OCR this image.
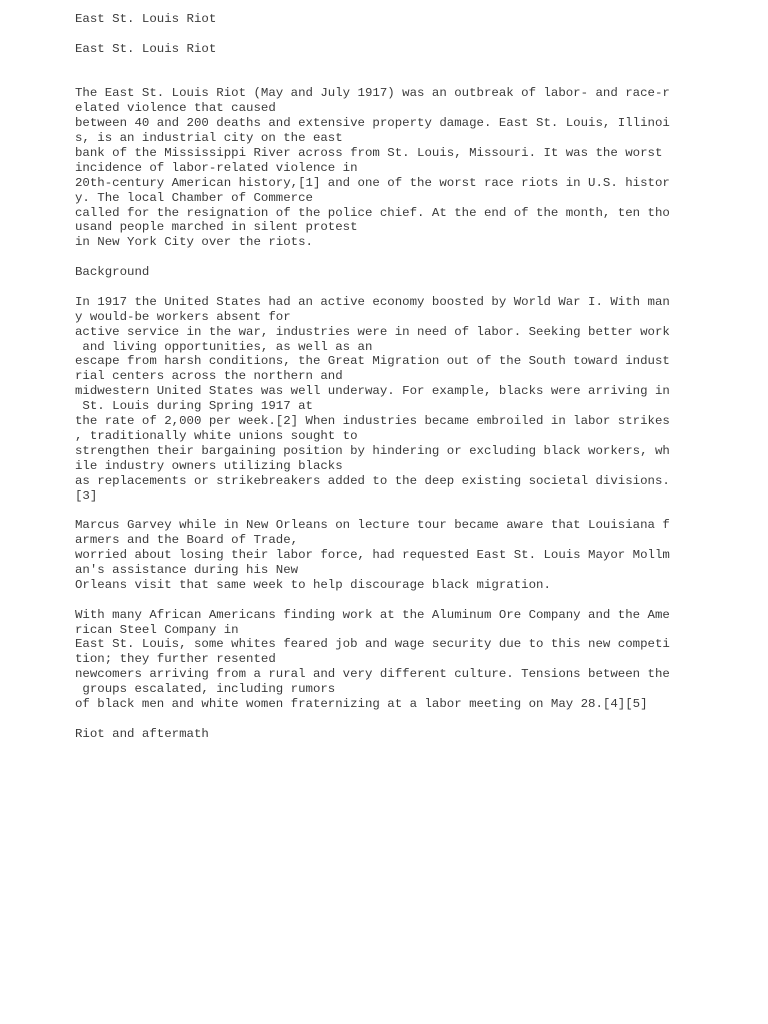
East St. Louis Riot
East St. Louis Riot
The East St. Louis Riot (May and July 1917) was an outbreak of labor- and race-r
elated violence that caused
between 40 and 200 deaths and extensive property damage. East St. Louis, Illinoi
s, is an industrial city on the east
bank of the Mississippi River across from St. Louis, Missouri. It was the worst
incidence of labor-related violence in
20th-century American history,[1] and one of the worst race riots in U.S. histor
y. The local Chamber of Commerce
called for the resignation of the police chief. At the end of the month, ten tho
usand people marched in silent protest
in New York City over the riots.
Background
In 1917 the United States had an active economy boosted by World War I. With man
y would-be workers absent for
active service in the war, industries were in need of labor. Seeking better work
and living opportunities, as well as an
escape from harsh conditions, the Great Migration out of the South toward indust
rial centers across the northern and
midwestern United States was well underway. For example, blacks were arriving in
St. Louis during Spring 1917 at
the rate of 2,000 per week.[2] When industries became embroiled in labor strikes
, traditionally white unions sought to
strengthen their bargaining position by hindering or excluding black workers, wh
ile industry owners utilizing blacks
as replacements or strikebreakers added to the deep existing societal divisions.
[3]
Marcus Garvey while in New Orleans on lecture tour became aware that Louisiana f
armers and the Board of Trade,
worried about losing their labor force, had requested East St. Louis Mayor Mollm
an's assistance during his New
Orleans visit that same week to help discourage black migration.
With many African Americans finding work at the Aluminum Ore Company and the Ame
rican Steel Company in
East St. Louis, some whites feared job and wage security due to this new competi
tion; they further resented
newcomers arriving from a rural and very different culture. Tensions between the
groups escalated, including rumors
of black men and white women fraternizing at a labor meeting on May 28.[4][5]
Riot and aftermath
